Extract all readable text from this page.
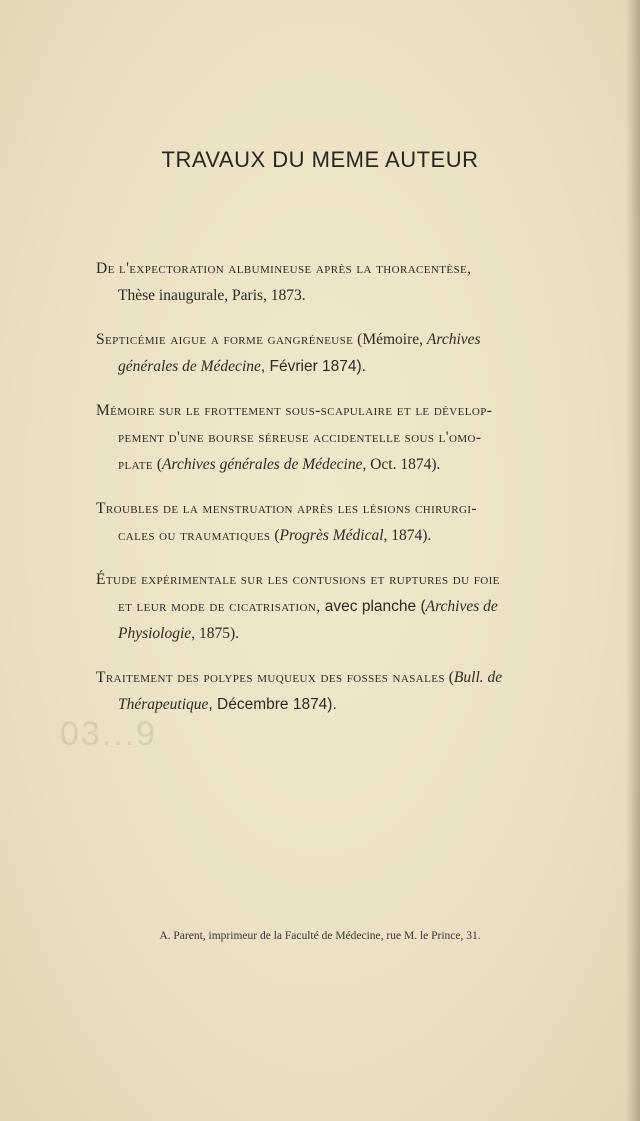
TRAVAUX DU MEME AUTEUR
De l'expectoration albumineuse après la thoracentèse,
Thèse inaugurale, Paris, 1873.
Septicémie aigue a forme gangréneuse (Mémoire, Archives
générales de Médecine, Février 1874).
Mémoire sur le frottement sous-scapulaire et le dévelop-
pement d'une bourse séreuse accidentelle sous l'omo-
plate (Archives générales de Médecine, Oct. 1874).
Troubles de la menstruation après les lésions chirurgi-
cales ou traumatiques (Progrès Médical, 1874).
Étude expérimentale sur les contusions et ruptures du foie
et leur mode de cicatrisation, avec planche (Archives de
Physiologie, 1875).
Traitement des polypes muqueux des fosses nasales (Bull. de
Thérapeutique, Décembre 1874).
03...9
A. Parent, imprimeur de la Faculté de Médecine, rue M. le Prince, 31.
